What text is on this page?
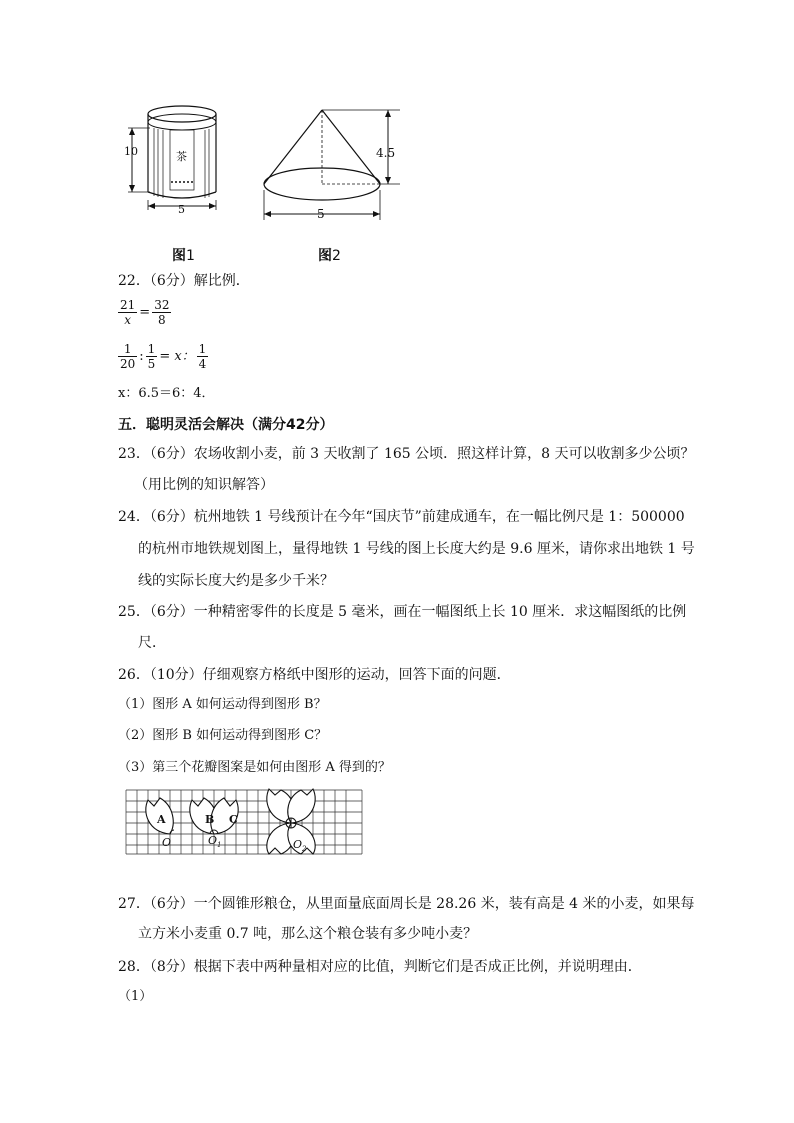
10
5
茶	4.5
5
图1	图2
22．（6分）解比例．
$\frac{21}{x} = \frac{32}{8}$
$\frac{1}{20}$ : $\frac{1}{5} = x$： $\frac{1}{4}$
x：6.5＝6：4．
五．聪明灵活会解决（满分42分）
23．（6分）农场收割小麦，前 3 天收割了 165 公顷．照这样计算，8 天可以收割多少公顷？
（用比例的知识解答）
24．（6分）杭州地铁 1 号线预计在今年“国庆节”前建成通车，在一幅比例尺是 1：500000
的杭州市地铁规划图上，量得地铁 1 号线的图上长度大约是 9.6 厘米，请你求出地铁 1 号
线的实际长度大约是多少千米？
25．（6分）一种精密零件的长度是 5 毫米，画在一幅图纸上长 10 厘米．求这幅图纸的比例
尺．
26．（10分）仔细观察方格纸中图形的运动，回答下面的问题．
（1）图形 A 如何运动得到图形 B？
（2）图形 B 如何运动得到图形 C？
（3）第三个花瓣图案是如何由图形 A 得到的？
A	B C
O	$O_1$	$O_2$
27．（6分）一个圆锥形粮仓，从里面量底面周长是 28.26 米，装有高是 4 米的小麦，如果每
立方米小麦重 0.7 吨，那么这个粮仓装有多少吨小麦？
28．（8分）根据下表中两种量相对应的比值，判断它们是否成正比例，并说明理由．
（1）
